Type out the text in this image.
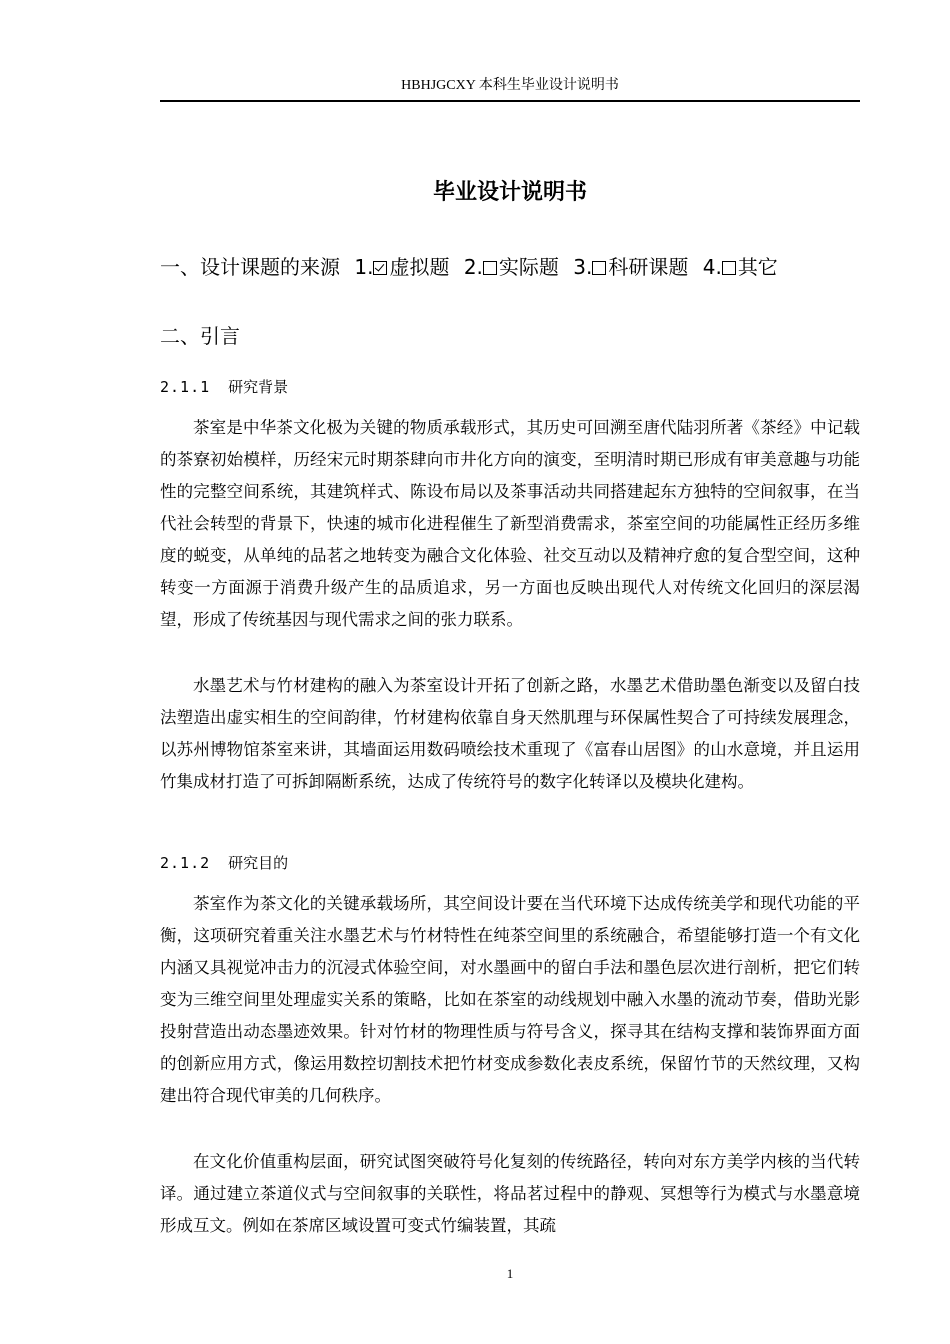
HBHJGCXY 本科生毕业设计说明书
毕业设计说明书
一、设计课题的来源 1. 虚拟题 2. 实际题 3. 科研课题 4. 其它
二、引言
2.1.1 研究背景

茶室是中华茶文化极为关键的物质承载形式，其历史可回溯至唐代陆羽所著《茶经》中记载的茶寮初始模样，历经宋元时期茶肆向市井化方向的演变，至明清时期已形成有审美意趣与功能性的完整空间系统，其建筑样式、陈设布局以及茶事活动共同搭建起东方独特的空间叙事，在当代社会转型的背景下，快速的城市化进程催生了新型消费需求，茶室空间的功能属性正经历多维度的蜕变，从单纯的品茗之地转变为融合文化体验、社交互动以及精神疗愈的复合型空间，这种转变一方面源于消费升级产生的品质追求，另一方面也反映出现代人对传统文化回归的深层渴望，形成了传统基因与现代需求之间的张力联系。

水墨艺术与竹材建构的融入为茶室设计开拓了创新之路，水墨艺术借助墨色渐变以及留白技法塑造出虚实相生的空间韵律，竹材建构依靠自身天然肌理与环保属性契合了可持续发展理念，以苏州博物馆茶室来讲，其墙面运用数码喷绘技术重现了《富春山居图》的山水意境，并且运用竹集成材打造了可拆卸隔断系统，达成了传统符号的数字化转译以及模块化建构。

2.1.2 研究目的

茶室作为茶文化的关键承载场所，其空间设计要在当代环境下达成传统美学和现代功能的平衡，这项研究着重关注水墨艺术与竹材特性在纯茶空间里的系统融合，希望能够打造一个有文化内涵又具视觉冲击力的沉浸式体验空间，对水墨画中的留白手法和墨色层次进行剖析，把它们转变为三维空间里处理虚实关系的策略，比如在茶室的动线规划中融入水墨的流动节奏，借助光影投射营造出动态墨迹效果。针对竹材的物理性质与符号含义，探寻其在结构支撑和装饰界面方面的创新应用方式，像运用数控切割技术把竹材变成参数化表皮系统，保留竹节的天然纹理，又构建出符合现代审美的几何秩序。

在文化价值重构层面，研究试图突破符号化复刻的传统路径，转向对东方美学内核的当代转译。通过建立茶道仪式与空间叙事的关联性，将品茗过程中的静观、冥想等行为模式与水墨意境形成互文。例如在茶席区域设置可变式竹编装置，其疏

1
